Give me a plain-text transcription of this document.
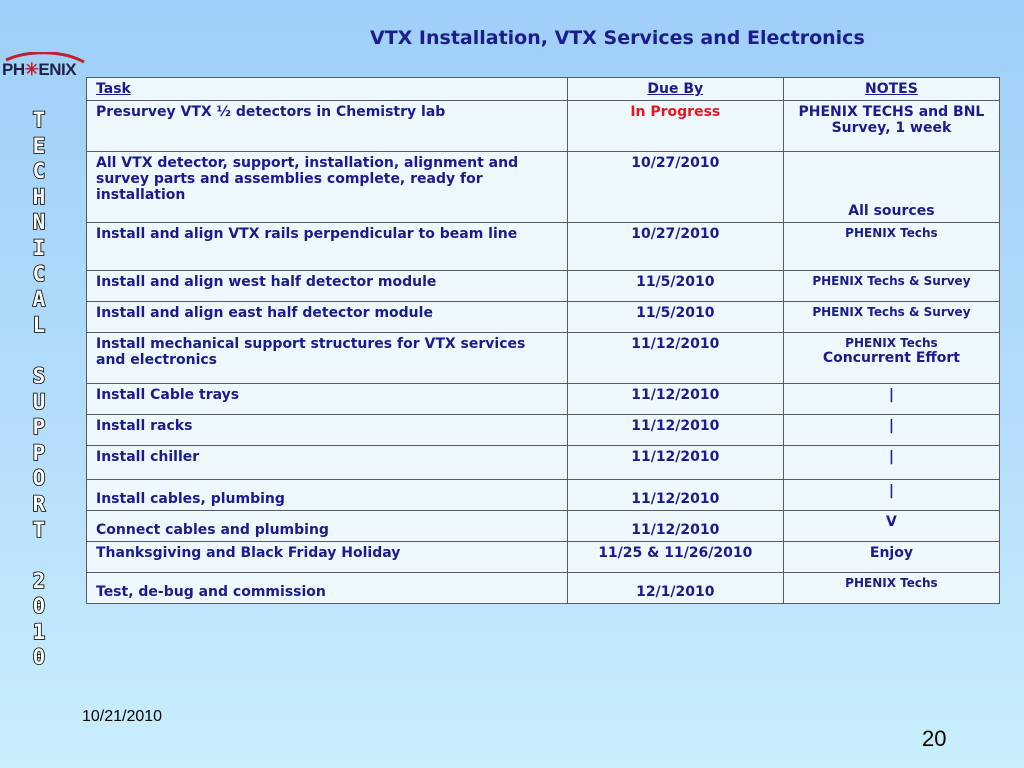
PH✳ENIX
T
E
C
H
N
I
C
A
L

S
U
P
P
O
R
T

2
0
1
0
VTX Installation, VTX Services and Electronics
Task	Due By	NOTES
Presurvey VTX ½ detectors in Chemistry lab	In Progress	PHENIX TECHS and BNL Survey, 1 week
All VTX detector, support, installation, alignment and survey parts and assemblies complete, ready for installation	10/27/2010	All sources
Install and align VTX rails perpendicular to beam line	10/27/2010	PHENIX Techs
Install and align west half detector module	11/5/2010	PHENIX Techs & Survey
Install and align east half detector module	11/5/2010	PHENIX Techs & Survey
Install mechanical support structures for VTX services and electronics	11/12/2010	PHENIX Techs
Concurrent Effort

Install Cable trays	11/12/2010	|
Install racks	11/12/2010	|
Install chiller	11/12/2010	|
Install cables, plumbing	11/12/2010	|
Connect cables and plumbing	11/12/2010	V
Thanksgiving and Black Friday Holiday	11/25 & 11/26/2010	Enjoy
Test, de-bug and commission	12/1/2010	PHENIX Techs
10/21/2010
20
